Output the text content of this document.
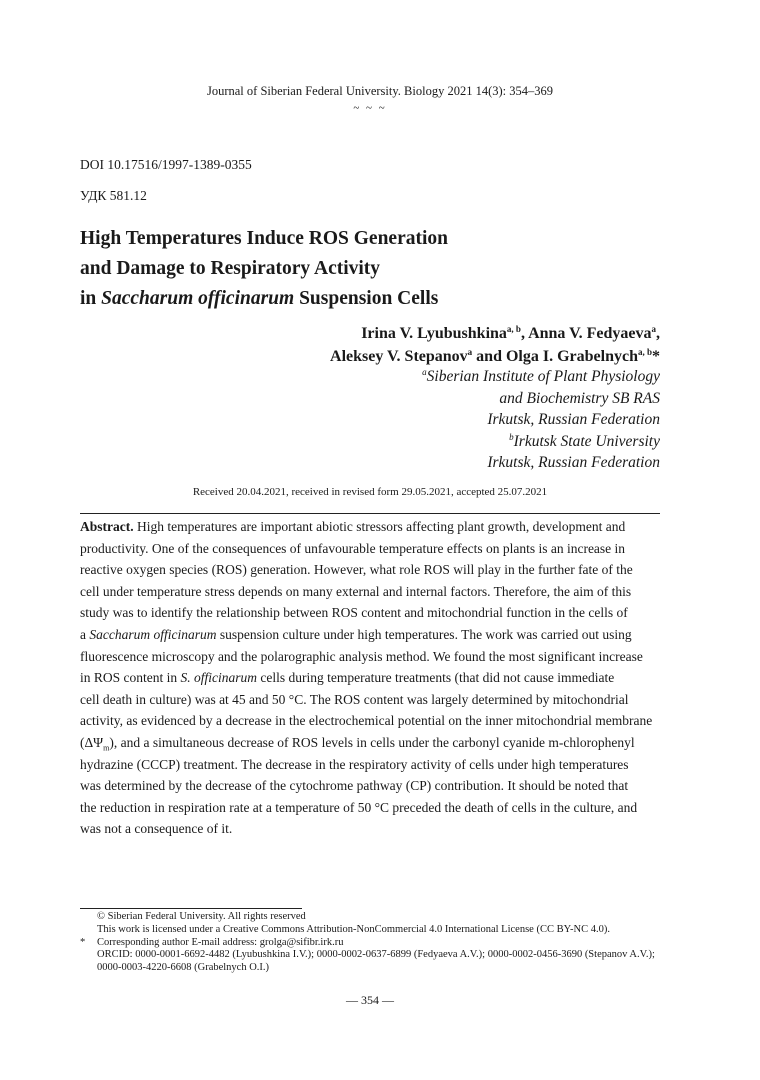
Journal of Siberian Federal University. Biology 2021 14(3): 354–369
~ ~ ~
DOI 10.17516/1997-1389-0355
УДК 581.12
High Temperatures Induce ROS Generation
and Damage to Respiratory Activity
in Saccharum officinarum Suspension Cells
Irina V. Lyubushkina$^{a, b}$, Anna V. Fedyaeva$^a$,
Aleksey V. Stepanov$^a$ and Olga I. Grabelnych$^{a, b}$*
$^a$Siberian Institute of Plant Physiology
and Biochemistry SB RAS
Irkutsk, Russian Federation
$^b$Irkutsk State University
Irkutsk, Russian Federation
Received 20.04.2021, received in revised form 29.05.2021, accepted 25.07.2021
Abstract. High temperatures are important abiotic stressors affecting plant growth, development and
productivity. One of the consequences of unfavourable temperature effects on plants is an increase in
reactive oxygen species (ROS) generation. However, what role ROS will play in the further fate of the
cell under temperature stress depends on many external and internal factors. Therefore, the aim of this
study was to identify the relationship between ROS content and mitochondrial function in the cells of
a Saccharum officinarum suspension culture under high temperatures. The work was carried out using
fluorescence microscopy and the polarographic analysis method. We found the most significant increase
in ROS content in S. officinarum cells during temperature treatments (that did not cause immediate
cell death in culture) was at 45 and 50 °C. The ROS content was largely determined by mitochondrial
activity, as evidenced by a decrease in the electrochemical potential on the inner mitochondrial membrane
$(\Delta\Psi_m)$, and a simultaneous decrease of ROS levels in cells under the carbonyl cyanide m-chlorophenyl
hydrazine (CCCP) treatment. The decrease in the respiratory activity of cells under high temperatures
was determined by the decrease of the cytochrome pathway (CP) contribution. It should be noted that
the reduction in respiration rate at a temperature of 50 °C preceded the death of cells in the culture, and
was not a consequence of it.
© Siberian Federal University. All rights reserved
This work is licensed under a Creative Commons Attribution-NonCommercial 4.0 International License (CC BY-NC 4.0).
* Corresponding author E-mail address: grolga@sifibr.irk.ru
ORCID: 0000-0001-6692-4482 (Lyubushkina I.V.); 0000-0002-0637-6899 (Fedyaeva A.V.); 0000-0002-0456-3690 (Stepanov A.V.); 0000-0003-4220-6608 (Grabelnych O.I.)
— 354 —
